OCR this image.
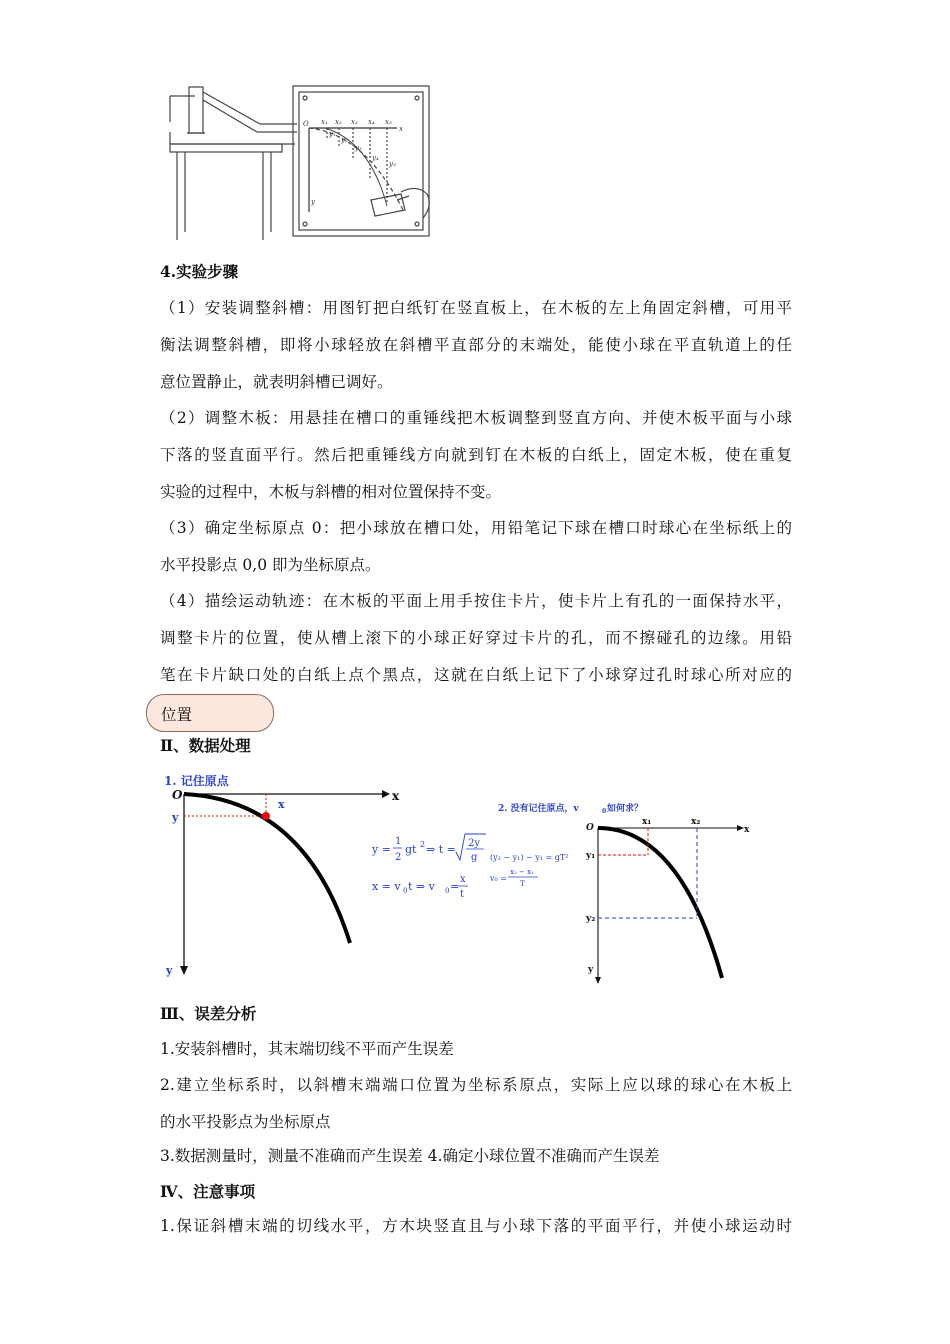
O
x
y
x₁ x₂ x₃ x₄ x₅
y₁
y₂
y₃
y₄
y₅
4.实验步骤
（1）安装调整斜槽：用图钉把白纸钉在竖直板上，在木板的左上角固定斜槽，可用平
衡法调整斜槽，即将小球轻放在斜槽平直部分的末端处，能使小球在平直轨道上的任
意位置静止，就表明斜槽已调好。
（2）调整木板：用悬挂在槽口的重锤线把木板调整到竖直方向、并使木板平面与小球
下落的竖直面平行。然后把重锤线方向就到钉在木板的白纸上，固定木板，使在重复
实验的过程中，木板与斜槽的相对位置保持不变。
（3）确定坐标原点 0：把小球放在槽口处，用铅笔记下球在槽口时球心在坐标纸上的
水平投影点 0,0 即为坐标原点。
（4）描绘运动轨迹：在木板的平面上用手按住卡片，使卡片上有孔的一面保持水平，
调整卡片的位置，使从槽上滚下的小球正好穿过卡片的孔，而不擦碰孔的边缘。用铅
笔在卡片缺口处的白纸上点个黑点，这就在白纸上记下了小球穿过孔时球心所对应的
位置
Ⅱ、数据处理
1. 记住原点
O	x
x
y
y
y =
1
2
gt 2 ⇒ t = 2y
g
x = v 0 t ⇒ v 0 =
x
t
(y₂ − y₁) − y₁ = gT²
v₀ =
x₂ − x₁
T
2. 没有记住原点，v	0 如何求？
O	x
x₁	x₂
y₁
y₂
y
Ⅲ、误差分析
1.安装斜槽时，其末端切线不平而产生误差
2.建立坐标系时，以斜槽末端端口位置为坐标系原点，实际上应以球的球心在木板上
的水平投影点为坐标原点
3.数据测量时，测量不准确而产生误差 4.确定小球位置不准确而产生误差
Ⅳ、注意事项
1.保证斜槽末端的切线水平，方木块竖直且与小球下落的平面平行，并使小球运动时
